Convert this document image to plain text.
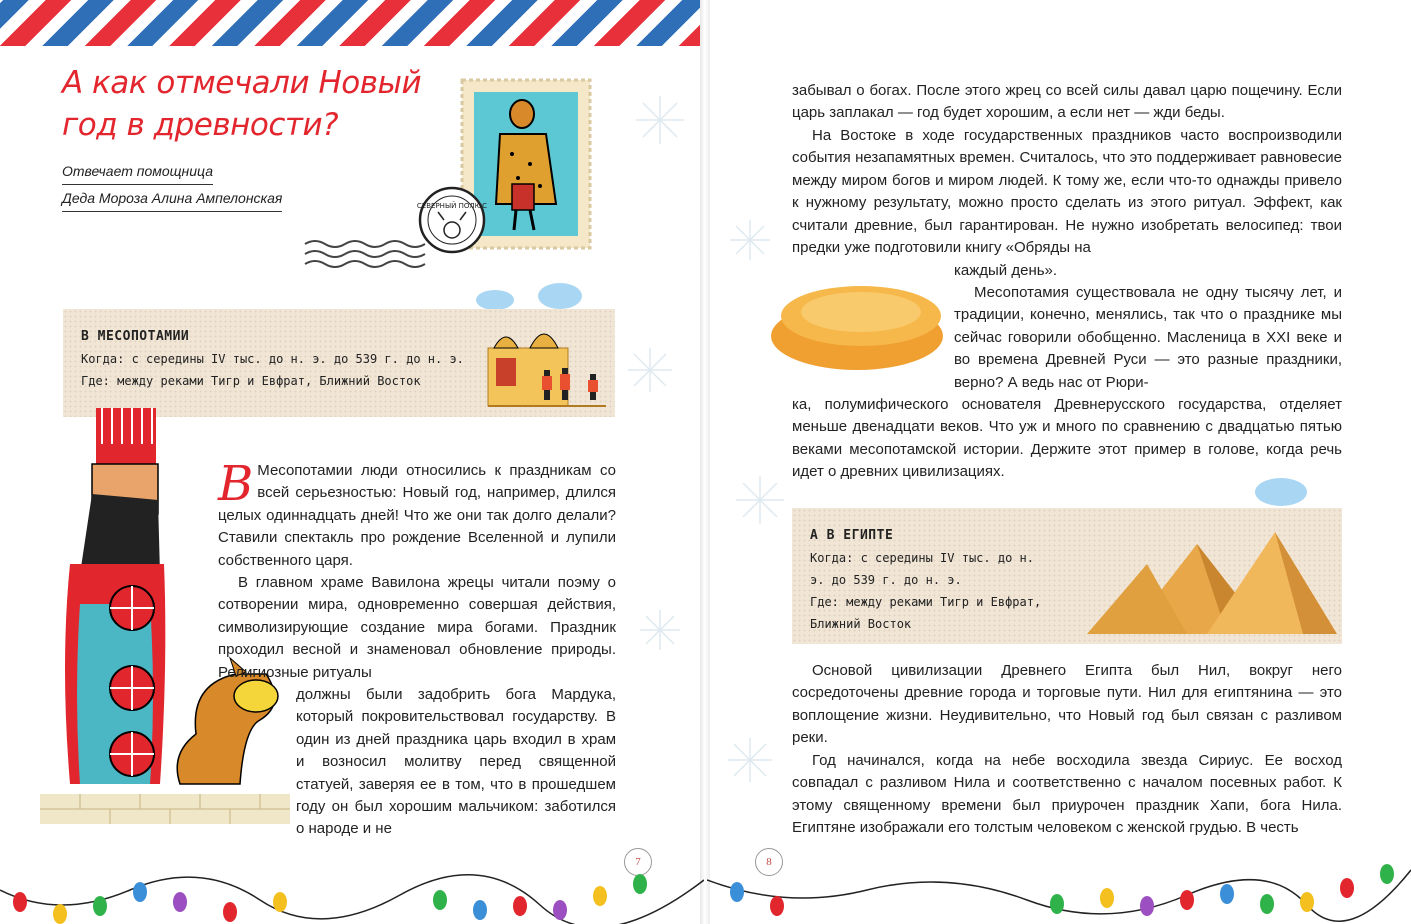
А как отмечали Новый год в древности?
Отвечает помощница
Деда Мороза Алина Ампелонская	СЕВЕРНЫЙ ПОЛЮС
В МЕСОПОТАМИИ

Когда: с середины IV тыс. до н. э. до 539 г. до н. э.

Где: между реками Тигр и Евфрат, Ближний Восток

В Месопотамии люди относились к праздникам со всей серьезностью: Новый год, например, длился целых одиннадцать дней! Что же они так долго делали? Ставили спектакль про рождение Вселенной и лупили собственного царя.

В главном храме Вавилона жрецы читали поэму о сотворении мира, одновременно совершая действия, символизирующие создание мира богами. Праздник проходил весной и знаменовал обновление природы. Религиозные ритуалы

должны были задобрить бога Мардука, который покровительствовал государству. В один из дней праздника царь входил в храм и возносил молитву перед священной статуей, заверяя ее в том, что в прошедшем году он был хорошим мальчиком: заботился о народе и не

7

забывал о богах. После этого жрец со всей силы давал царю пощечину. Если царь заплакал — год будет хорошим, а если нет — жди беды.

На Востоке в ходе государственных праздников часто воспроизводили события незапамятных времен. Считалось, что это поддерживает равновесие между миром богов и миром людей. К тому же, если что-то однажды привело к нужному результату, можно просто сделать из этого ритуал. Эффект, как считали древние, был гарантирован. Не нужно изобретать велосипед: твои предки уже подготовили книгу «Обряды на

каждый день».

Месопотамия существовала не одну тысячу лет, и традиции, конечно, менялись, так что о празднике мы сейчас говорили обобщенно. Масленица в XXI веке и во времена Древней Руси — это разные праздники, верно? А ведь нас от Рюри-

ка, полумифического основателя Древнерусского государства, отделяет меньше двенадцати веков. Что уж и много по сравнению с двадцатью пятью веками месопотамской истории. Держите этот пример в голове, когда речь идет о древних цивилизациях.

А В ЕГИПТЕ

Когда: с середины IV тыс. до н. э. до 539 г. до н. э.

Где: между реками Тигр и Евфрат, Ближний Восток

Основой цивилизации Древнего Египта был Нил, вокруг него сосредоточены древние города и торговые пути. Нил для египтянина — это воплощение жизни. Неудивительно, что Новый год был связан с разливом реки.

Год начинался, когда на небе восходила звезда Сириус. Ее восход совпадал с разливом Нила и соответственно с началом посевных работ. К этому священному времени был приурочен праздник Хапи, бога Нила. Египтяне изображали его толстым человеком с женской грудью. В честь

8
